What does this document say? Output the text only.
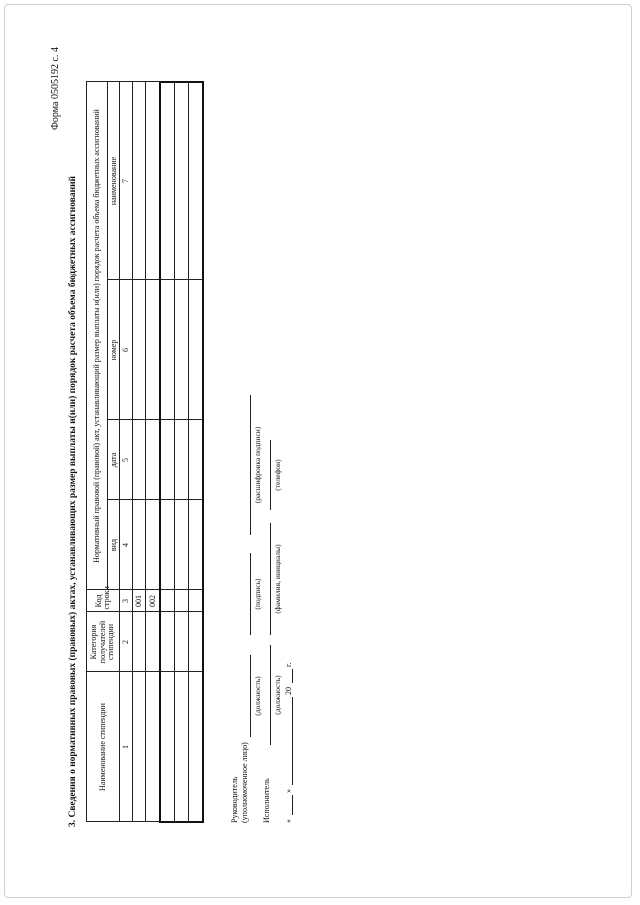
Форма 0505192 с. 4
3. Сведения о нормативных правовых (правовых) актах, устанавливающих размер выплаты и(или) порядок расчета объема бюджетных ассигнований Наименование стипендии	Категория получателей стипендии	Код строки	Нормативный правовой (правовой) акт, устанавливающий размер выплаты и(или) порядок расчета объема бюджетных ассигнований			
			вид	дата	номер	наименование
1	2	3	4	5	6	7
		001				
		002				

Руководитель (уполномоченное лицо)
(должность)
(подпись)
(расшифровка подписи)
Исполнитель
(должность)
(фамилия, инициалы)
(телефон)
«
»
20
г.
